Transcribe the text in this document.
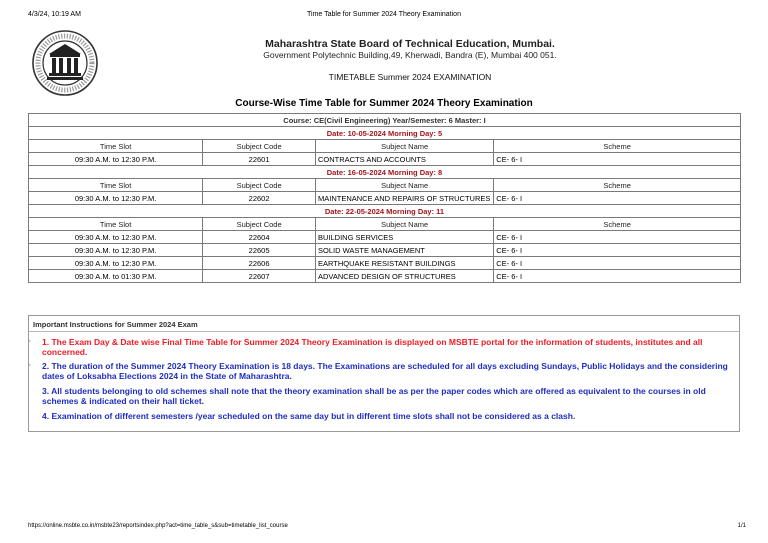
4/3/24, 10:19 AM	Time Table for Summer 2024 Theory Examination
Maharashtra State Board of Technical Education, Mumbai.
Government Polytechnic Building,49, Kherwadi, Bandra (E), Mumbai 400 051.
TIMETABLE Summer 2024 EXAMINATION
Course-Wise Time Table for Summer 2024 Theory Examination
Course: CE(Civil Engineering) Year/Semester: 6 Master: I			
Date: 10-05-2024 Morning Day: 5			
Time Slot	Subject Code	Subject Name	Scheme
09:30 A.M. to 12:30 P.M.	22601	CONTRACTS AND ACCOUNTS	CE- 6- I
Date: 16-05-2024 Morning Day: 8			
Time Slot	Subject Code	Subject Name	Scheme
09:30 A.M. to 12:30 P.M.	22602	MAINTENANCE AND REPAIRS OF STRUCTURES	CE- 6- I
Date: 22-05-2024 Morning Day: 11			
Time Slot	Subject Code	Subject Name	Scheme
09:30 A.M. to 12:30 P.M.	22604	BUILDING SERVICES	CE- 6- I
09:30 A.M. to 12:30 P.M.	22605	SOLID WASTE MANAGEMENT	CE- 6- I
09:30 A.M. to 12:30 P.M.	22606	EARTHQUAKE RESISTANT BUILDINGS	CE- 6- I
09:30 A.M. to 01:30 P.M.	22607	ADVANCED DESIGN OF STRUCTURES	CE- 6- I
Important Instructions for Summer 2024 Exam
· 1. The Exam Day & Date wise Final Time Table for Summer 2024 Theory Examination is displayed on MSBTE portal for the information of students, institutes and all concerned.
· 2. The duration of the Summer 2024 Theory Examination is 18 days. The Examinations are scheduled for all days excluding Sundays, Public Holidays and the considering dates of Loksabha Elections 2024 in the State of Maharashtra.
3. All students belonging to old schemes shall note that the theory examination shall be as per the paper codes which are offered as equivalent to the courses in old schemes & indicated on their hall ticket.
4. Examination of different semesters /year scheduled on the same day but in different time slots shall not be considered as a clash.
https://online.msbte.co.in/msbte23/reportsindex.php?act=time_table_s&sub=timetable_list_course	1/1
